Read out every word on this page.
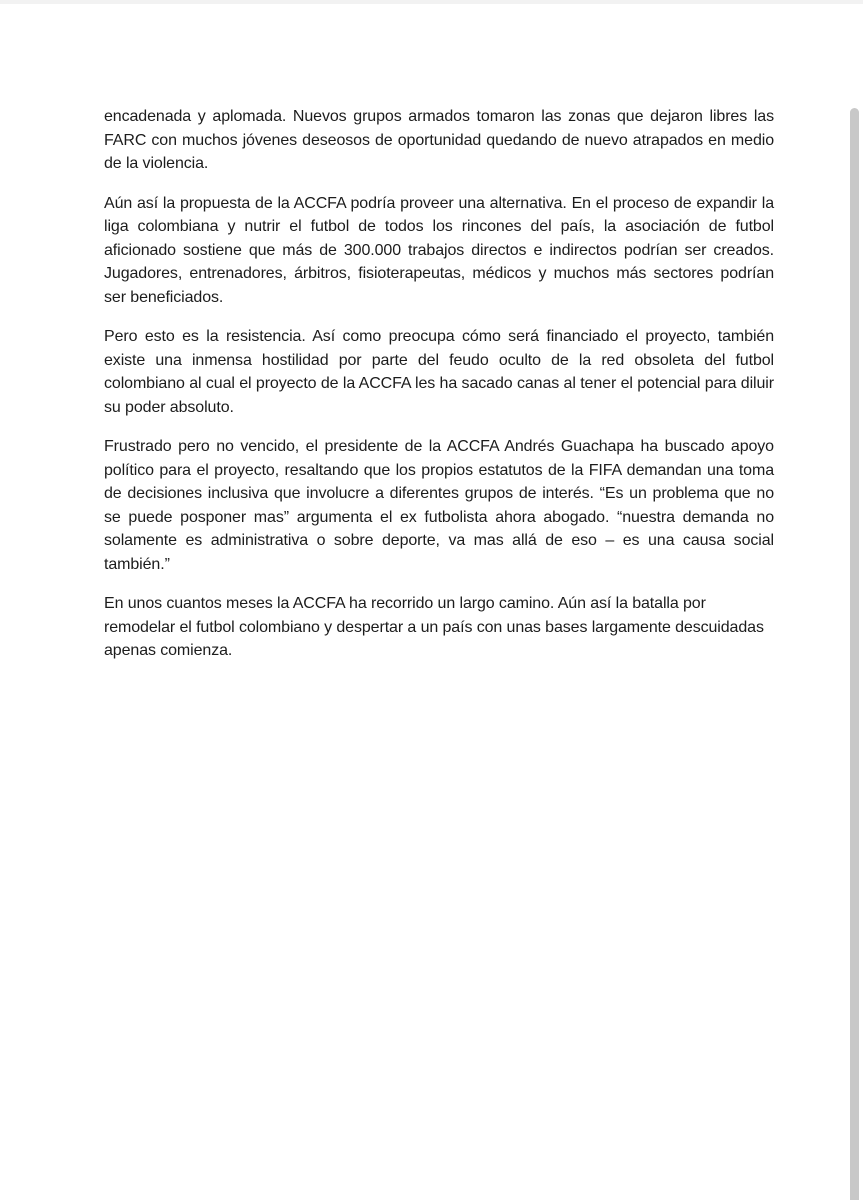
encadenada y aplomada. Nuevos grupos armados tomaron las zonas que dejaron libres las FARC con muchos jóvenes deseosos de oportunidad quedando de nuevo atrapados en medio de la violencia.

Aún así la propuesta de la ACCFA podría proveer una alternativa. En el proceso de expandir la liga colombiana y nutrir el futbol de todos los rincones del país, la asociación de futbol aficionado sostiene que más de 300.000 trabajos directos e indirectos podrían ser creados. Jugadores, entrenadores, árbitros, fisioterapeutas, médicos y muchos más sectores podrían ser beneficiados.

Pero esto es la resistencia. Así como preocupa cómo será financiado el proyecto, también existe una inmensa hostilidad por parte del feudo oculto de la red obsoleta del futbol colombiano al cual el proyecto de la ACCFA les ha sacado canas al tener el potencial para diluir su poder absoluto.

Frustrado pero no vencido, el presidente de la ACCFA Andrés Guachapa ha buscado apoyo político para el proyecto, resaltando que los propios estatutos de la FIFA demandan una toma de decisiones inclusiva que involucre a diferentes grupos de interés. “Es un problema que no se puede posponer mas” argumenta el ex futbolista ahora abogado. “nuestra demanda no solamente es administrativa o sobre deporte, va mas allá de eso – es una causa social también.”

En unos cuantos meses la ACCFA ha recorrido un largo camino. Aún así la batalla por remodelar el futbol colombiano y despertar a un país con unas bases largamente descuidadas apenas comienza.
